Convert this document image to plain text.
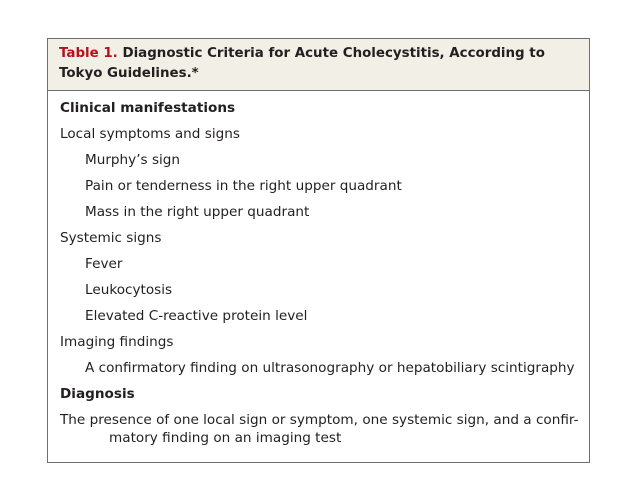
Table 1. Diagnostic Criteria for Acute Cholecystitis, According to Tokyo Guidelines.*
Clinical manifestations
Local symptoms and signs
Murphy’s sign
Pain or tenderness in the right upper quadrant
Mass in the right upper quadrant
Systemic signs
Fever
Leukocytosis
Elevated C-reactive protein level
Imaging findings
A confirmatory finding on ultrasonography or hepatobiliary scintigraphy
Diagnosis
The presence of one local sign or symptom, one systemic sign, and a confir-
matory finding on an imaging test
